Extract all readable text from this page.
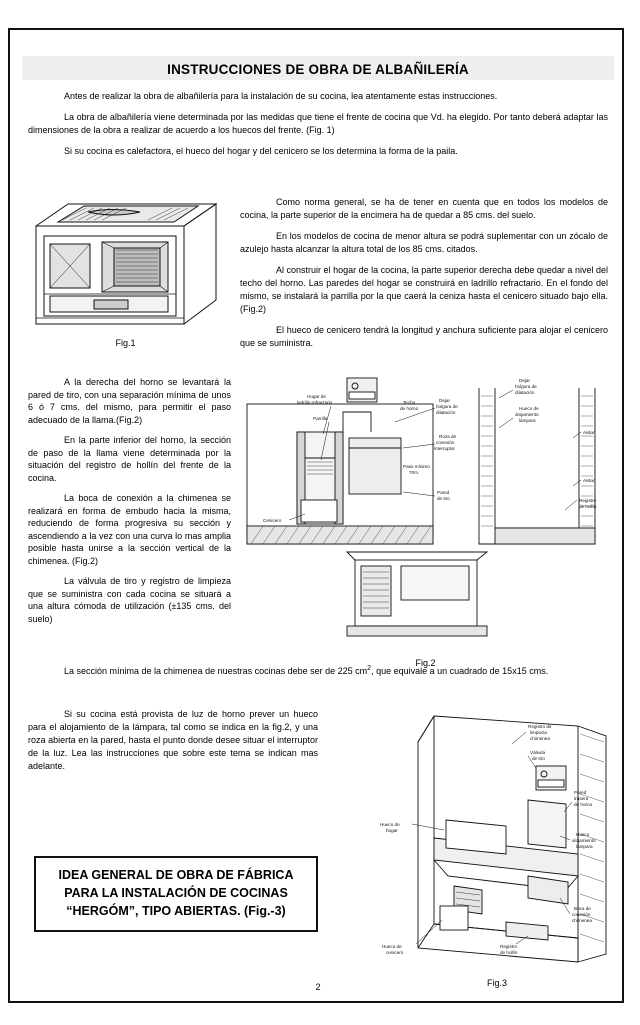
INSTRUCCIONES DE OBRA DE ALBAÑILERÍA

Antes de realizar la obra de albañilería para la instalación de su cocina, lea atentamente estas instrucciones.

La obra de albañilería viene determinada por las medidas que tiene el frente de cocina que Vd. ha elegido. Por tanto deberá adaptar las dimensiones de la obra a realizar de acuerdo a los huecos del frente. (Fig. 1)

Si su cocina es calefactora, el hueco del hogar y del cenicero se los determina la forma de la paila.

Fig.1

Como norma general, se ha de tener en cuenta que en todos los modelos de cocina, la parte superior de la encimera ha de quedar a 85 cms. del suelo.

En los modelos de cocina de menor altura se podrá suplementar con un zócalo de azulejo hasta alcanzar la altura total de los 85 cms. citados.

Al construir el hogar de la cocina, la parte superior derecha debe quedar a nivel del techo del horno. Las paredes del hogar se construirá en ladrillo refractario. En el fondo del mismo, se instalará la parrilla por la que caerá la ceniza hasta el cenicero situado bajo ella.(Fig.2)

El hueco de cenicero tendrá la longitud y anchura suficiente para alojar el cenicero que se suministra.

A la derecha del horno se levantará la pared de tiro, con una separación mínima de unos 6 ó 7 cms. del mismo, para permitir el paso adecuado de la llama.(Fig.2)

En la parte inferior del horno, la sección de paso de la llama viene determinada por la situación del registro de hollín del frente de la cocina.

La boca de conexión a la chimenea se realizará en forma de embudo hacia la misma, reduciendo de forma progresiva su sección y ascendiendo a la vez con una curva lo mas amplia posible hasta unirse a la sección vertical de la chimenea. (Fig.2)

La válvula de tiro y registro de limpieza que se suministra con cada cocina se situará a una altura cómoda de utilización (±135 cms. del suelo)

Hogar de
ladrillo refractario
Parrilla
Techo
de horno
Dejar
holgura de
dilatación
Roza de
conexión
interruptor
Paso mínimo
70m.
Pared
de tiro
Cenicero
Dejar
holgura de
dilatación
Hueco de
alojamiento
lámpara
Aislar
Aislar
Registro
de hollín
Fig.2

La sección mínima de la chimenea de nuestras cocinas debe ser de 225 $cm^2$, que equivale a un cuadrado de 15x15 cms.

Si su cocina está provista de luz de horno prever un hueco para el alojamiento de la lámpara, tal como se indica en la fig.2, y una roza abierta en la pared, hasta el punto donde desee situar el interruptor de la luz. Lea las instrucciones que sobre este tema se indican mas adelante.

IDEA GENERAL DE OBRA DE FÁBRICA
PARA LA INSTALACIÓN DE COCINAS
“HERGÓM”, TIPO ABIERTAS. (Fig.-3)
Registro de
limpieza
chimenea
Válvula
de tiro
Pared
trasera
de horno
Hueco de
hogar
Hueco
alojamiento
lámpara
Boca de
conexión
chimenea
Hueco de
cenicero
Registro
de hollín
Fig.3
2
